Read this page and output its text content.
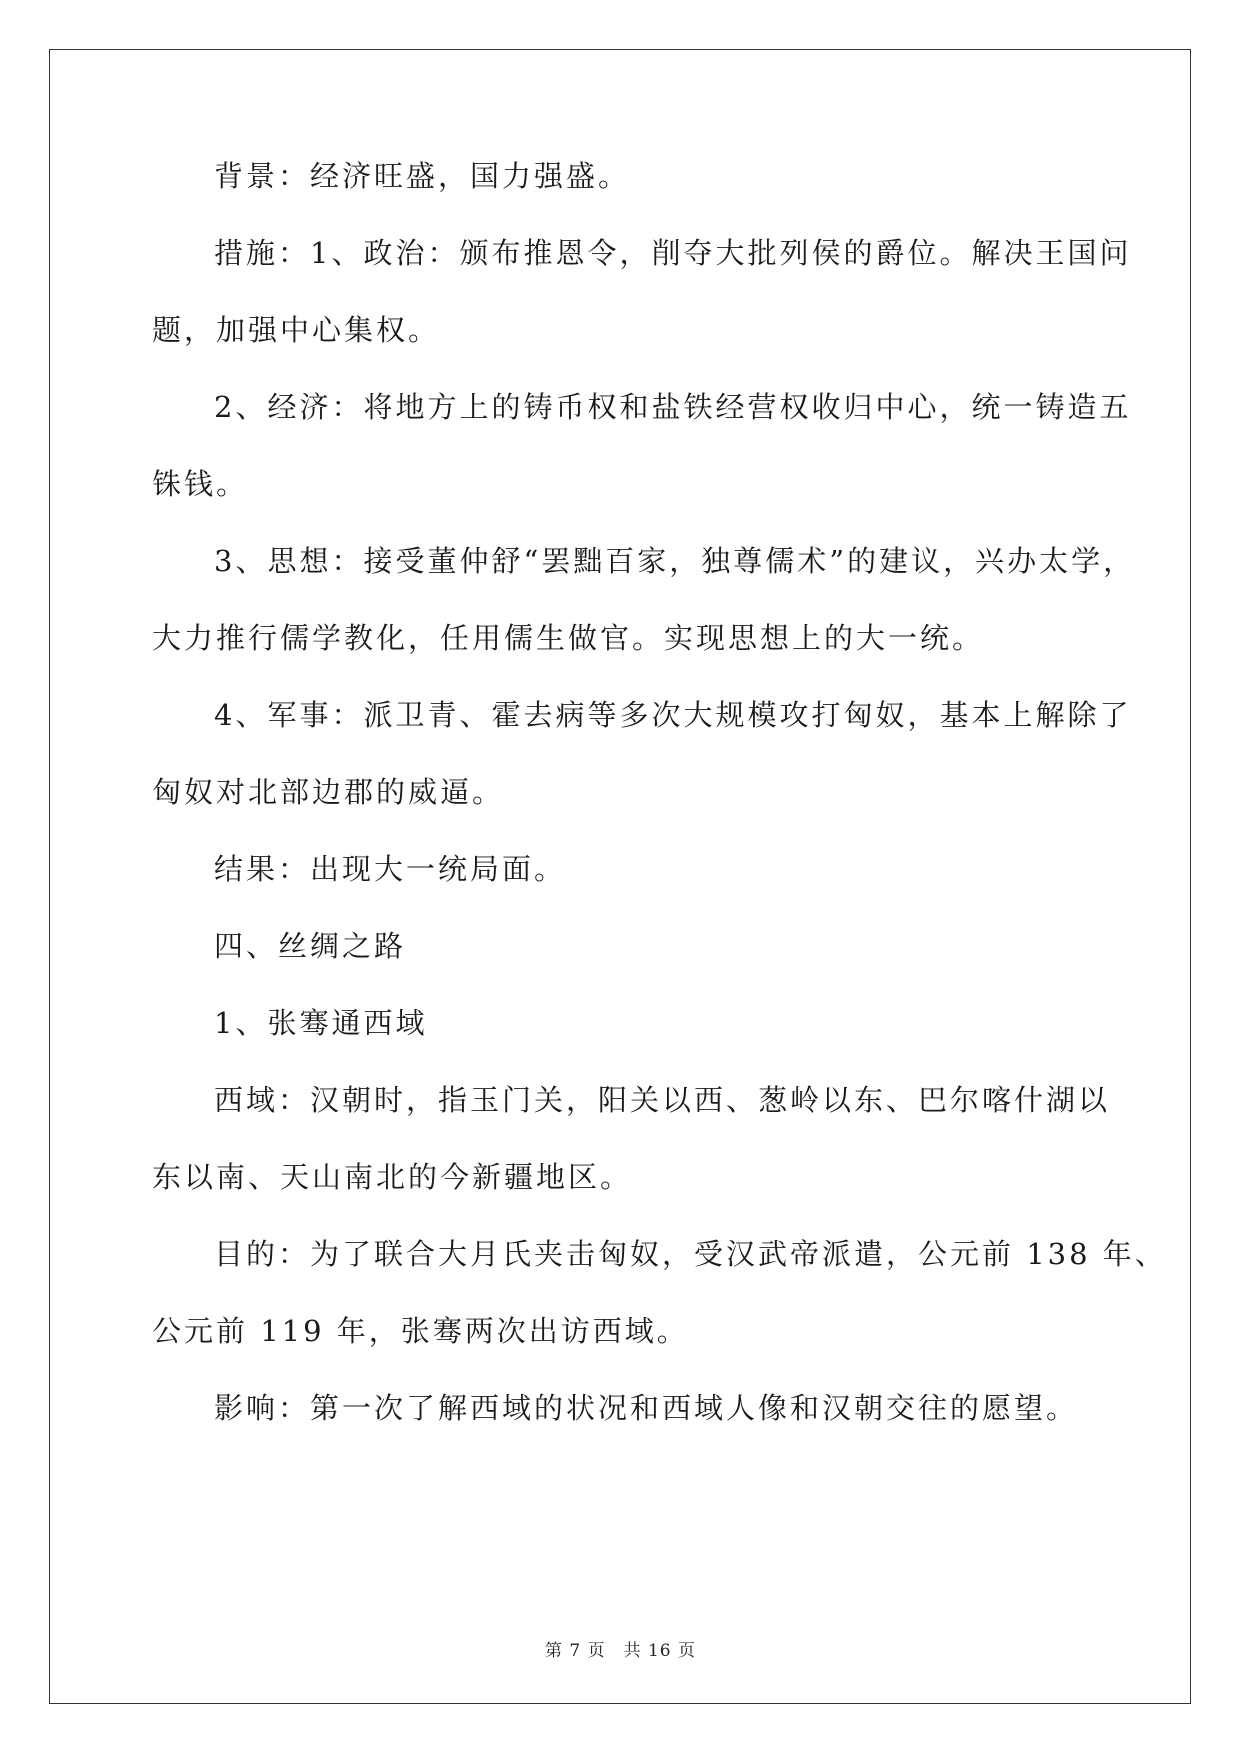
背景：经济旺盛，国力强盛。

措施：1、政治：颁布推恩令，削夺大批列侯的爵位。解决王国问

题，加强中心集权。

2、经济：将地方上的铸币权和盐铁经营权收归中心，统一铸造五

铢钱。

3、思想：接受董仲舒“罢黜百家，独尊儒术”的建议，兴办太学，

大力推行儒学教化，任用儒生做官。实现思想上的大一统。

4、军事：派卫青、霍去病等多次大规模攻打匈奴，基本上解除了

匈奴对北部边郡的威逼。

结果：出现大一统局面。

四、丝绸之路

1、张骞通西域

西域：汉朝时，指玉门关，阳关以西、葱岭以东、巴尔喀什湖以

东以南、天山南北的今新疆地区。

目的：为了联合大月氏夹击匈奴，受汉武帝派遣，公元前 138 年、

公元前 119 年，张骞两次出访西域。

影响：第一次了解西域的状况和西域人像和汉朝交往的愿望。

第 7 页　共 16 页
